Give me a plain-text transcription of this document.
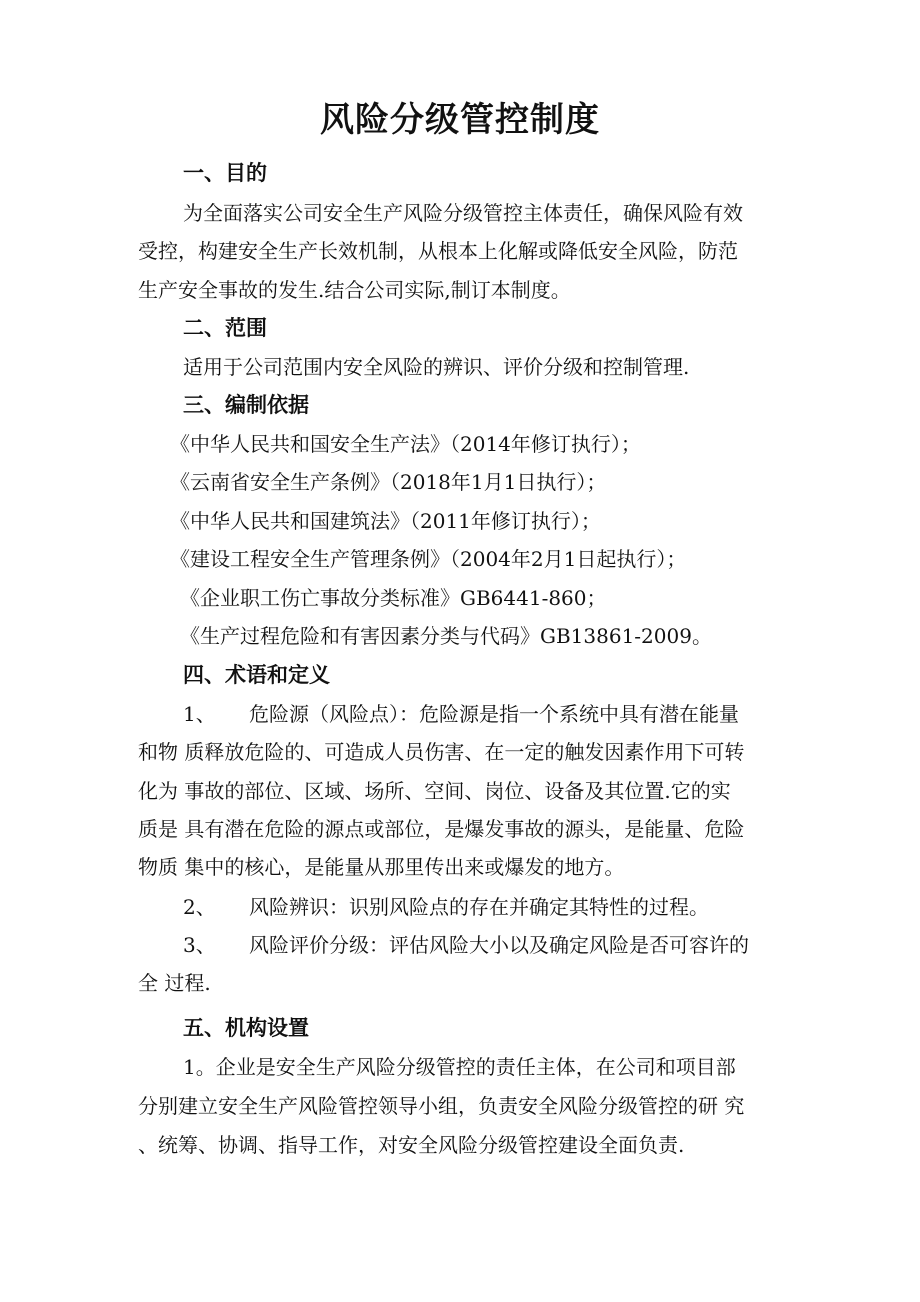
风险分级管控制度
一、目的
为全面落实公司安全生产风险分级管控主体责任，确保风险有效
受控，构建安全生产长效机制，从根本上化解或降低安全风险，防范
生产安全事故的发生.结合公司实际,制订本制度。
二、范围
适用于公司范围内安全风险的辨识、评价分级和控制管理.
三、编制依据
《中华人民共和国安全生产法》（2014年修订执行）；
《云南省安全生产条例》（2018年1月1日执行）；
《中华人民共和国建筑法》（2011年修订执行）；
《建设工程安全生产管理条例》（2004年2月1日起执行）；
《企业职工伤亡事故分类标准》GB6441-860；
《生产过程危险和有害因素分类与代码》GB13861-2009。
四、术语和定义
1、 危险源（风险点）：危险源是指一个系统中具有潜在能量
和物 质释放危险的、可造成人员伤害、在一定的触发因素作用下可转
化为 事故的部位、区域、场所、空间、岗位、设备及其位置.它的实
质是 具有潜在危险的源点或部位，是爆发事故的源头，是能量、危险
物质 集中的核心，是能量从那里传出来或爆发的地方。
2、 风险辨识：识别风险点的存在并确定其特性的过程。
3、 风险评价分级：评估风险大小以及确定风险是否可容许的
全 过程.
五、机构设置
1。企业是安全生产风险分级管控的责任主体，在公司和项目部
分别建立安全生产风险管控领导小组，负责安全风险分级管控的研 究
、统筹、协调、指导工作，对安全风险分级管控建设全面负责.
